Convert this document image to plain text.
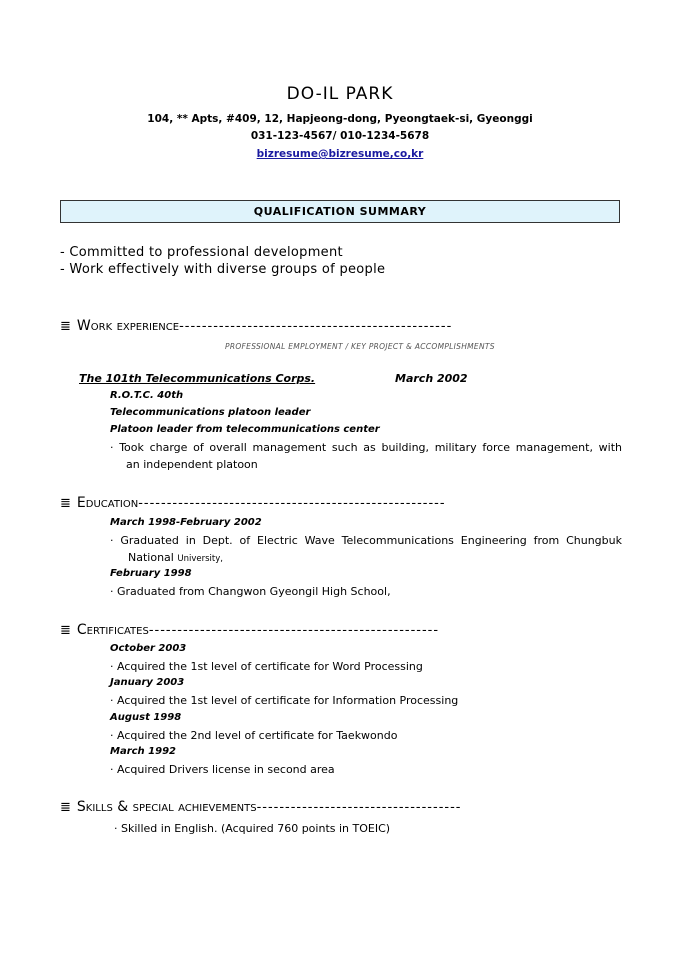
DO-IL PARK
104, ** Apts, #409, 12, Hapjeong-dong, Pyeongtaek-si, Gyeonggi
031-123-4567/ 010-1234-5678
bizresume@bizresume,co,kr
QUALIFICATION SUMMARY
- Committed to professional development
- Work effectively with diverse groups of people
≣ Work experience ------------------------------------------------
PROFESSIONAL EMPLOYMENT / KEY PROJECT & ACCOMPLISHMENTS
The 101th Telecommunications Corps.	March 2002
R.O.T.C. 40th
Telecommunications platoon leader
Platoon leader from telecommunications center
· Took charge of overall management such as building, military force management, with
an independent platoon
≣ Education ------------------------------------------------------
March 1998-February 2002
· Graduated in Dept. of Electric Wave Telecommunications Engineering from Chungbuk
National University,
February 1998
· Graduated from Changwon Gyeongil High School,
≣ Certificates ---------------------------------------------------
October 2003
· Acquired the 1st level of certificate for Word Processing
January 2003
· Acquired the 1st level of certificate for Information Processing
August 1998
· Acquired the 2nd level of certificate for Taekwondo
March 1992
· Acquired Drivers license in second area
≣ Skills & special achievements ------------------------------------
· Skilled in English. (Acquired 760 points in TOEIC)
